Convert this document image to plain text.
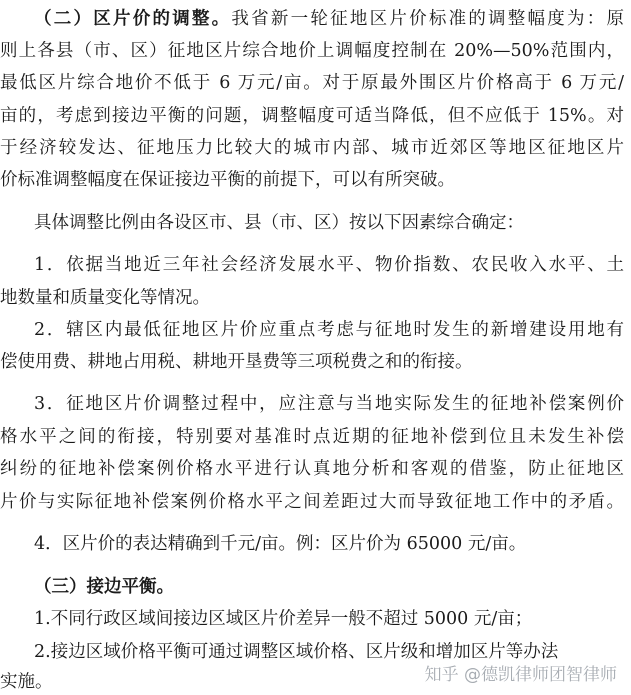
（二）区片价的调整。我省新一轮征地区片价标准的调整幅度为：原
则上各县（市、区）征地区片综合地价上调幅度控制在 20%—50%范围内，
最低区片综合地价不低于 6 万元/亩。对于原最外围区片价格高于 6 万元/
亩的，考虑到接边平衡的问题，调整幅度可适当降低，但不应低于 15%。对
于经济较发达、征地压力比较大的城市内部、城市近郊区等地区征地区片
价标准调整幅度在保证接边平衡的前提下，可以有所突破。
具体调整比例由各设区市、县（市、区）按以下因素综合确定：
1．依据当地近三年社会经济发展水平、物价指数、农民收入水平、土
地数量和质量变化等情况。
2．辖区内最低征地区片价应重点考虑与征地时发生的新增建设用地有
偿使用费、耕地占用税、耕地开垦费等三项税费之和的衔接。
3．征地区片价调整过程中，应注意与当地实际发生的征地补偿案例价
格水平之间的衔接，特别要对基准时点近期的征地补偿到位且未发生补偿
纠纷的征地补偿案例价格水平进行认真地分析和客观的借鉴，防止征地区
片价与实际征地补偿案例价格水平之间差距过大而导致征地工作中的矛盾。
4．区片价的表达精确到千元/亩。例：区片价为 65000 元/亩。
（三）接边平衡。
1.不同行政区域间接边区域区片价差异一般不超过 5000 元/亩；
2.接边区域价格平衡可通过调整区域价格、区片级和增加区片等办法
实施。	知乎 @德凯律师团智律师
